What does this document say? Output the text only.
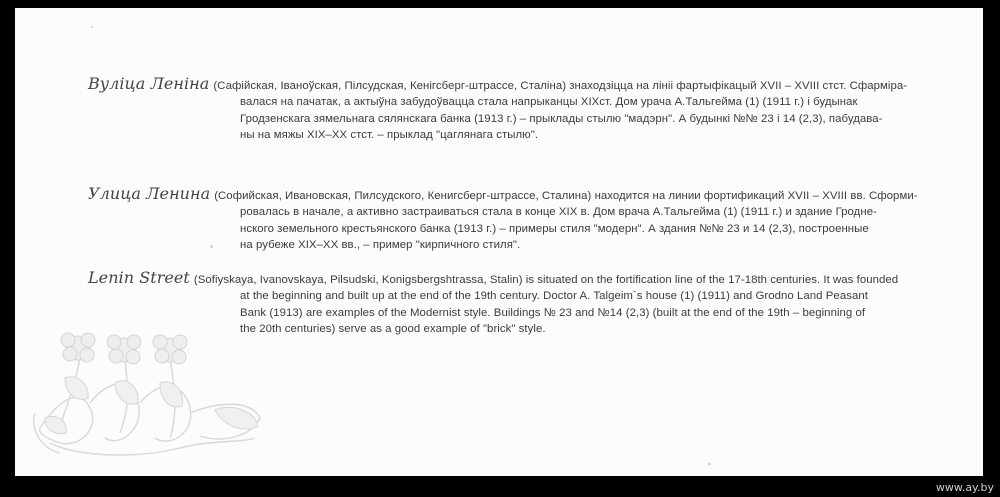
Вуліца Леніна (Сафійская, Іваноўская, Пілсудская, Кенігсберг-штрассе, Сталіна) знаходзіцца на лініі фартыфікацый XVII – XVIII стст. Сфарміра-
валася на пачатак, а актыўна забудоўвацца стала напрыканцы XIXст. Дом урача А.Тальгейма (1) (1911 г.) і будынак
Гродзенскага зямельнага сялянскага банка (1913 г.) – прыклады стылю "мадэрн". А будынкі №№ 23 і 14 (2,3), пабудава-
ны на мяжы XIX–XX стст. – прыклад "цаглянага стылю".
Улица Ленина (Софийская, Ивановская, Пилсудского, Кенигсберг-штрассе, Сталина) находится на линии фортификаций XVII – XVIII вв. Сформи-
ровалась в начале, а активно застраиваться стала в конце XIX в. Дом врача А.Тальгейма (1) (1911 г.) и здание Гродне-
нского земельного крестьянского банка (1913 г.) – примеры стиля "модерн". А здания №№ 23 и 14 (2,3), построенные
на рубеже XIX–XX вв., – пример "кирпичного стиля".
Lenin Street (Sofiyskaya, Ivanovskaya, Pilsudski, Konigsbergshtrassa, Stalin) is situated on the fortification line of the 17-18th centuries. It was founded
at the beginning and built up at the end of the 19th century. Doctor A. Talgeim`s house (1) (1911) and Grodno Land Peasant
Bank (1913) are examples of the Modernist style. Buildings № 23 and №14 (2,3) (built at the end of the 19th – beginning of
the 20th centuries) serve as a good example of "brick" style.
www.ay.by
